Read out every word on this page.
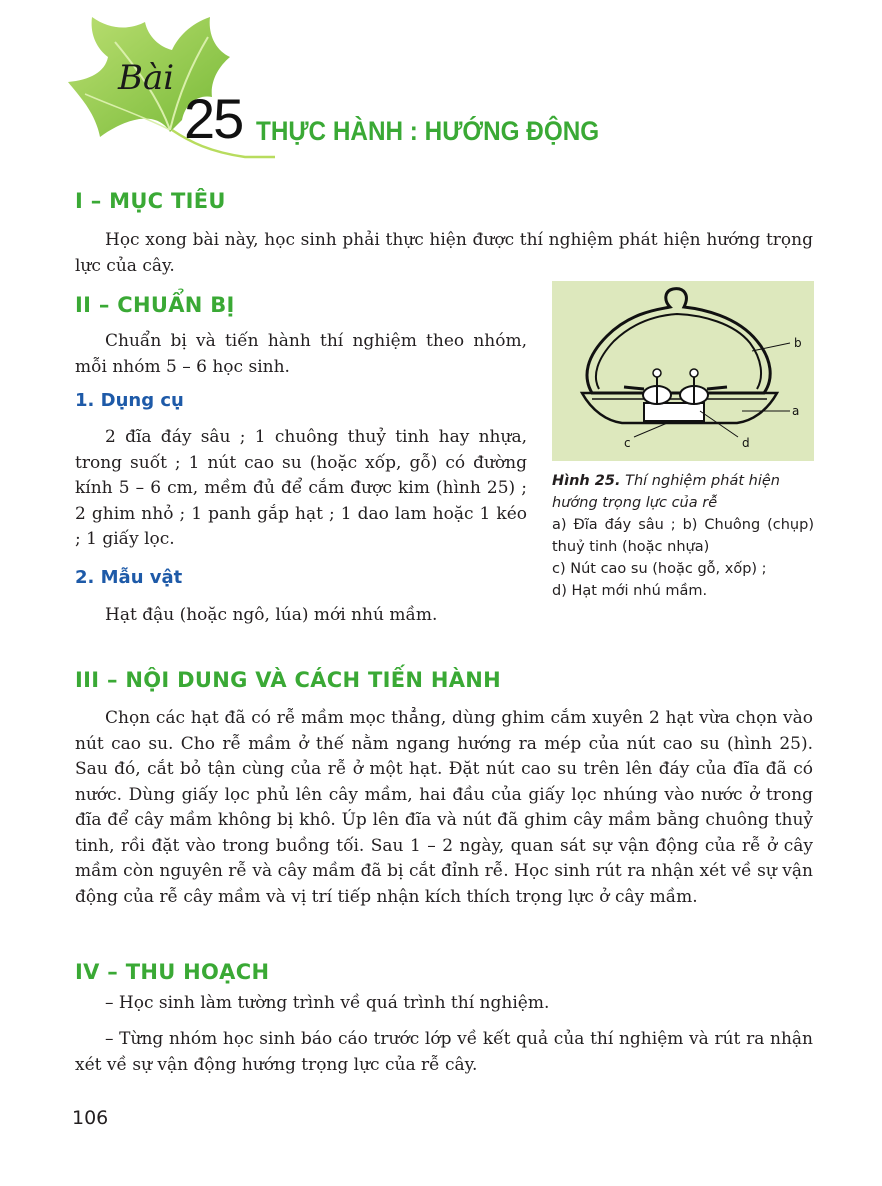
Bài
25 THỰC HÀNH : HƯỚNG ĐỘNG
I – MỤC TIÊU

Học xong bài này, học sinh phải thực hiện được thí nghiệm phát hiện hướng trọng lực của cây.

II – CHUẨN BỊ

Chuẩn bị và tiến hành thí nghiệm theo nhóm, mỗi nhóm 5 – 6 học sinh.

1. Dụng cụ

2 đĩa đáy sâu ; 1 chuông thuỷ tinh hay nhựa, trong suốt ; 1 nút cao su (hoặc xốp, gỗ) có đường kính 5 – 6 cm, mềm đủ để cắm được kim (hình 25) ; 2 ghim nhỏ ; 1 panh gắp hạt ; 1 dao lam hoặc 1 kéo ; 1 giấy lọc.

2. Mẫu vật

Hạt đậu (hoặc ngô, lúa) mới nhú mầm.

b
a
c	d
Hình 25. Thí nghiệm phát hiện hướng trọng lực của rễ
a) Đĩa đáy sâu ; b) Chuông (chụp) thuỷ tinh (hoặc nhựa)
c) Nút cao su (hoặc gỗ, xốp) ;
d) Hạt mới nhú mầm.
III – NỘI DUNG VÀ CÁCH TIẾN HÀNH

Chọn các hạt đã có rễ mầm mọc thẳng, dùng ghim cắm xuyên 2 hạt vừa chọn vào nút cao su. Cho rễ mầm ở thế nằm ngang hướng ra mép của nút cao su (hình 25). Sau đó, cắt bỏ tận cùng của rễ ở một hạt. Đặt nút cao su trên lên đáy của đĩa đã có nước. Dùng giấy lọc phủ lên cây mầm, hai đầu của giấy lọc nhúng vào nước ở trong đĩa để cây mầm không bị khô. Úp lên đĩa và nút đã ghim cây mầm bằng chuông thuỷ tinh, rồi đặt vào trong buồng tối. Sau 1 – 2 ngày, quan sát sự vận động của rễ ở cây mầm còn nguyên rễ và cây mầm đã bị cắt đỉnh rễ. Học sinh rút ra nhận xét về sự vận động của rễ cây mầm và vị trí tiếp nhận kích thích trọng lực ở cây mầm.

IV – THU HOẠCH

– Học sinh làm tường trình về quá trình thí nghiệm.

– Từng nhóm học sinh báo cáo trước lớp về kết quả của thí nghiệm và rút ra nhận xét về sự vận động hướng trọng lực của rễ cây.

106
